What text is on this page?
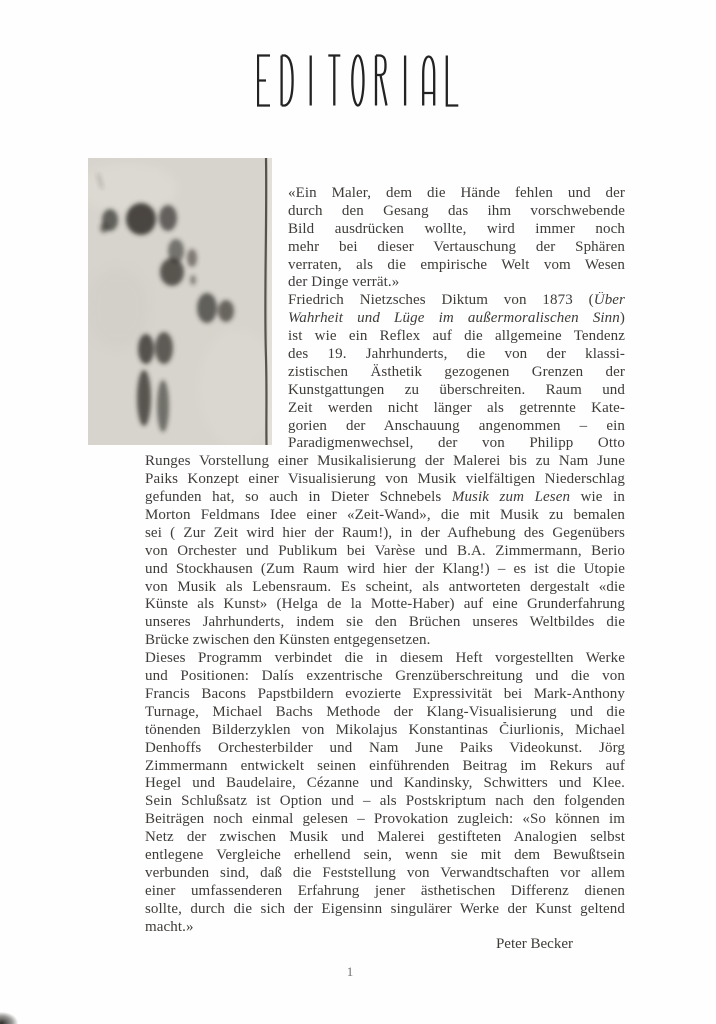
«Ein Maler, dem die Hände fehlen und der
durch den Gesang das ihm vorschwebende
Bild ausdrücken wollte, wird immer noch
mehr bei dieser Vertauschung der Sphären
verraten, als die empirische Welt vom Wesen
der Dinge verrät.»
Friedrich Nietzsches Diktum von 1873 (Über
Wahrheit und Lüge im außermoralischen Sinn)
ist wie ein Reflex auf die allgemeine Tendenz
des 19. Jahrhunderts, die von der klassi-
zistischen Ästhetik gezogenen Grenzen der
Kunstgattungen zu überschreiten. Raum und
Zeit werden nicht länger als getrennte Kate-
gorien der Anschauung angenommen – ein
Paradigmenwechsel, der von Philipp Otto
Runges Vorstellung einer Musikalisierung der Malerei bis zu Nam June
Paiks Konzept einer Visualisierung von Musik vielfältigen Niederschlag
gefunden hat, so auch in Dieter Schnebels Musik zum Lesen wie in
Morton Feldmans Idee einer «Zeit-Wand», die mit Musik zu bemalen
sei ( Zur Zeit wird hier der Raum!), in der Aufhebung des Gegenübers
von Orchester und Publikum bei Varèse und B.A. Zimmermann, Berio
und Stockhausen (Zum Raum wird hier der Klang!) – es ist die Utopie
von Musik als Lebensraum. Es scheint, als antworteten dergestalt «die
Künste als Kunst» (Helga de la Motte-Haber) auf eine Grunderfahrung
unseres Jahrhunderts, indem sie den Brüchen unseres Weltbildes die
Brücke zwischen den Künsten entgegensetzen.
Dieses Programm verbindet die in diesem Heft vorgestellten Werke
und Positionen: Dalís exzentrische Grenzüberschreitung und die von
Francis Bacons Papstbildern evozierte Expressivität bei Mark-Anthony
Turnage, Michael Bachs Methode der Klang-Visualisierung und die
tönenden Bilderzyklen von Mikolajus Konstantinas Čiurlionis, Michael
Denhoffs Orchesterbilder und Nam June Paiks Videokunst. Jörg
Zimmermann entwickelt seinen einführenden Beitrag im Rekurs auf
Hegel und Baudelaire, Cézanne und Kandinsky, Schwitters und Klee.
Sein Schlußsatz ist Option und – als Postskriptum nach den folgenden
Beiträgen noch einmal gelesen – Provokation zugleich: «So können im
Netz der zwischen Musik und Malerei gestifteten Analogien selbst
entlegene Vergleiche erhellend sein, wenn sie mit dem Bewußtsein
verbunden sind, daß die Feststellung von Verwandtschaften vor allem
einer umfassenderen Erfahrung jener ästhetischen Differenz dienen
sollte, durch die sich der Eigensinn singulärer Werke der Kunst geltend
macht.»
Peter Becker
1
